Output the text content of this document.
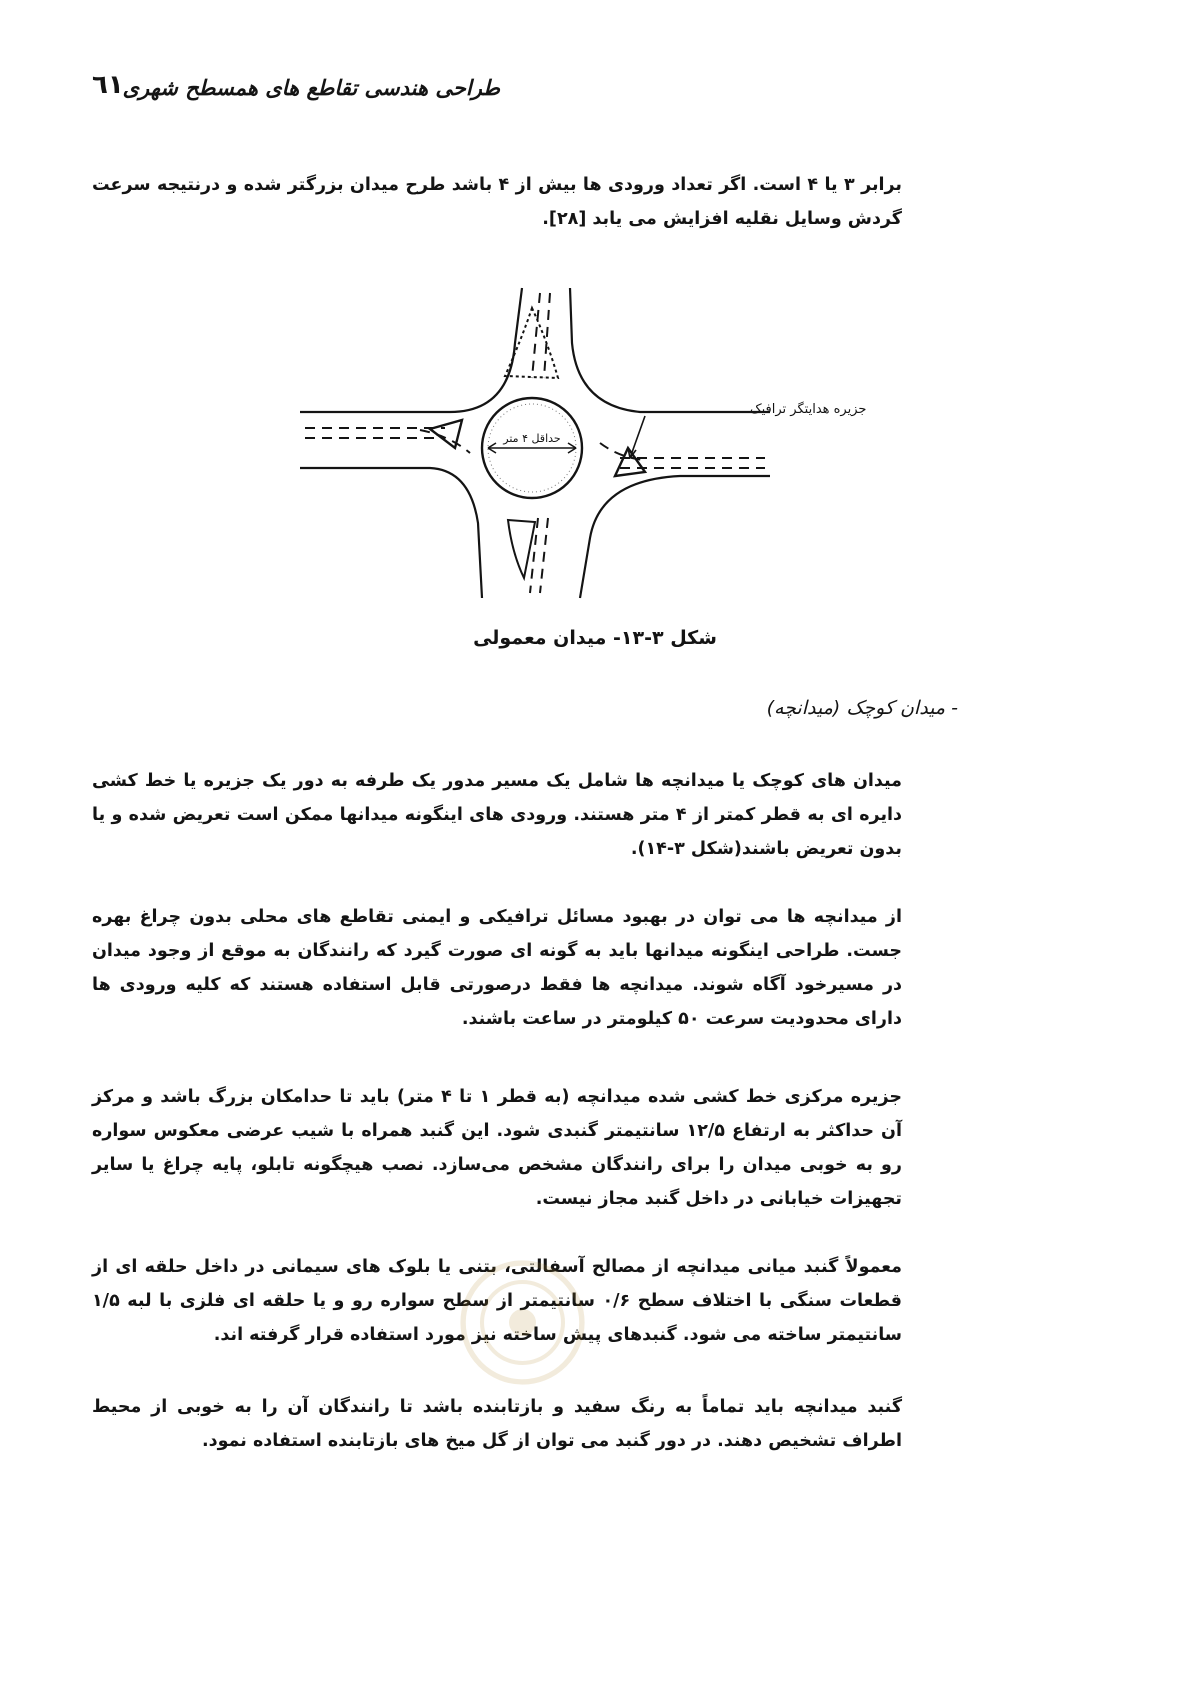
٦١
طراحی هندسی تقاطع های همسطح شهری
برابر ۳ یا ۴ است. اگر تعداد ورودی ها بیش از ۴ باشد طرح میدان بزرگتر شده و درنتیجه سرعت گردش وسایل نقلیه افزایش می یابد [۲۸].
حداقل ۴ متر
جزیره هدایتگر ترافیک
شکل ۳-۱۳- میدان معمولی
- میدان کوچک (میدانچه)
میدان های کوچک یا میدانچه ها شامل یک مسیر مدور یک طرفه به دور یک جزیره یا خط کشی دایره ای به قطر کمتر از ۴ متر هستند. ورودی های اینگونه میدانها ممکن است تعریض شده و یا بدون تعریض باشند(شکل ۳-۱۴).
از میدانچه ها می توان در بهبود مسائل ترافیکی و ایمنی تقاطع های محلی بدون چراغ بهره جست. طراحی اینگونه میدانها باید به گونه ای صورت گیرد که رانندگان به موقع از وجود میدان در مسیرخود آگاه شوند. میدانچه ها فقط درصورتی قابل استفاده هستند که کلیه ورودی ها دارای محدودیت سرعت ۵۰ کیلومتر در ساعت باشند.
جزیره مرکزی خط کشی شده میدانچه (به قطر ۱ تا ۴ متر) باید تا حدامکان بزرگ باشد و مرکز آن حداکثر به ارتفاع ۱۲/۵ سانتیمتر گنبدی شود. این گنبد همراه با شیب عرضی معکوس سواره رو به خوبی میدان را برای رانندگان مشخص می‌سازد. نصب هیچگونه تابلو، پایه چراغ یا سایر تجهیزات خیابانی در داخل گنبد مجاز نیست.
معمولاً گنبد میانی میدانچه از مصالح آسفالتی، بتنی یا بلوک های سیمانی در داخل حلقه ای از قطعات سنگی با اختلاف سطح ۰/۶ سانتیمتر از سطح سواره رو و یا حلقه ای فلزی با لبه ۱/۵ سانتیمتر ساخته می شود. گنبدهای پیش ساخته نیز مورد استفاده قرار گرفته اند.
گنبد میدانچه باید تماماً به رنگ سفید و بازتابنده باشد تا رانندگان آن را به خوبی از محیط اطراف تشخیص دهند. در دور گنبد می توان از گل میخ های بازتابنده استفاده نمود.
